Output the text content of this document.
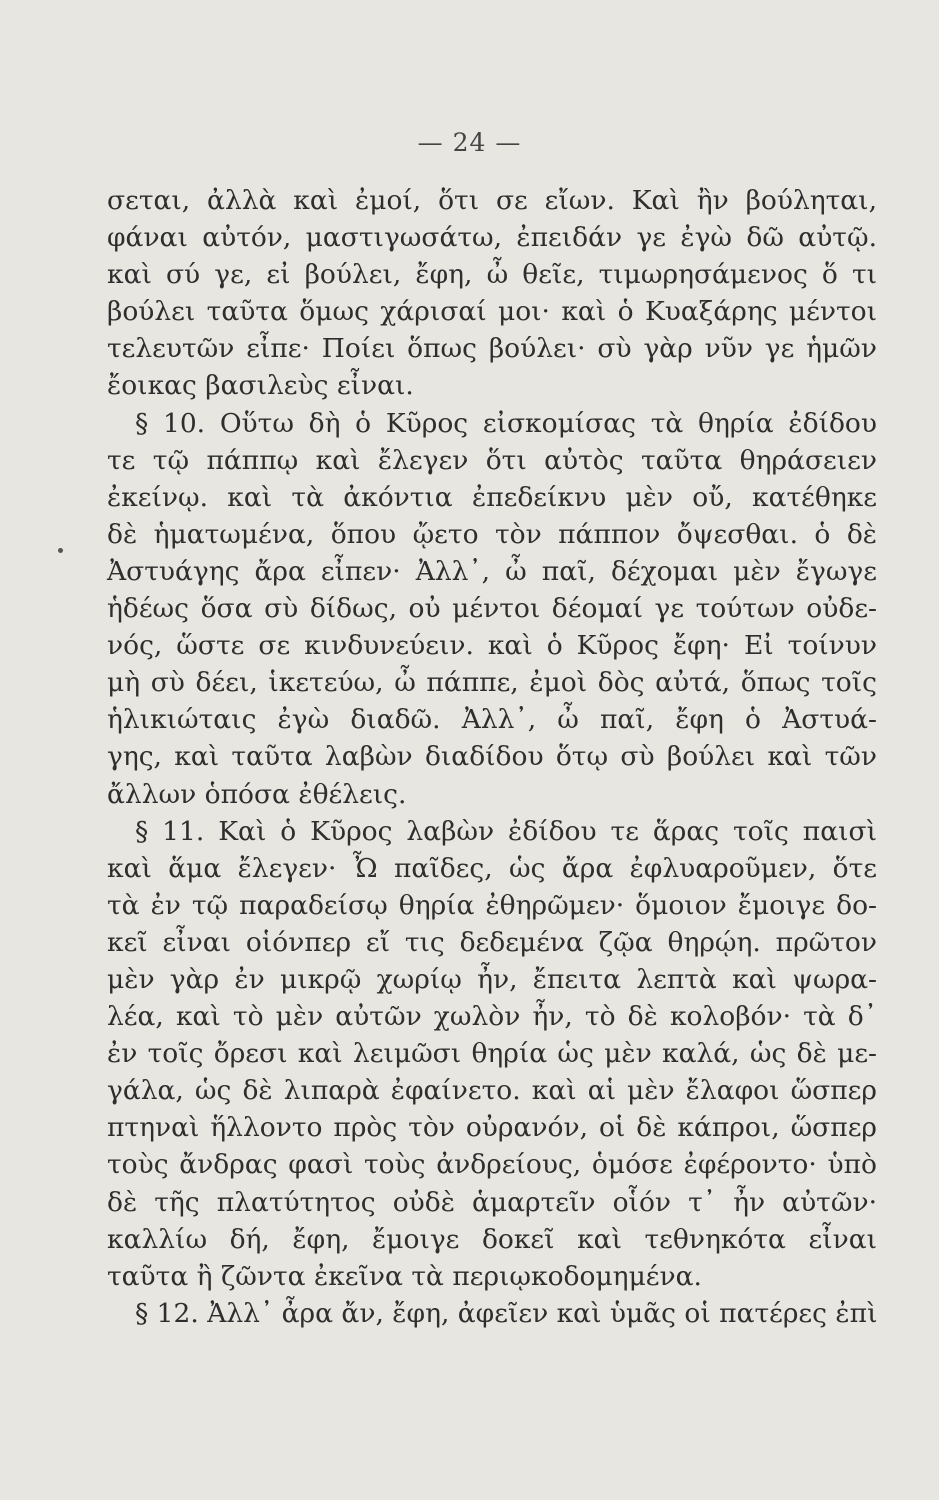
— 24 —
σεται, ἀλλὰ καὶ ἐμοί, ὅτι σε εἴων. Καὶ ἢν βούληται,
φάναι αὐτόν, μαστιγωσάτω, ἐπειδάν γε ἐγὼ δῶ αὐτῷ.
καὶ σύ γε, εἰ βούλει, ἔφη, ὦ θεῖε, τιμωρησάμενος ὅ τι
βούλει ταῦτα ὅμως χάρισαί μοι· καὶ ὁ Κυαξάρης μέντοι
τελευτῶν εἶπε· Ποίει ὅπως βούλει· σὺ γὰρ νῦν γε ἡμῶν
ἔοικας βασιλεὺς εἶναι.
§ 10. Οὕτω δὴ ὁ Κῦρος εἰσκομίσας τὰ θηρία ἐδίδου
τε τῷ πάππῳ καὶ ἔλεγεν ὅτι αὐτὸς ταῦτα θηράσειεν
ἐκείνῳ. καὶ τὰ ἀκόντια ἐπεδείκνυ μὲν οὔ, κατέθηκε
δὲ ἡματωμένα, ὅπου ᾤετο τὸν πάππον ὄψεσθαι. ὁ δὲ
Ἀστυάγης ἄρα εἶπεν· Ἀλλ᾽, ὦ παῖ, δέχομαι μὲν ἔγωγε
ἡδέως ὅσα σὺ δίδως, οὐ μέντοι δέομαί γε τούτων οὐδε-
νός, ὥστε σε κινδυνεύειν. καὶ ὁ Κῦρος ἔφη· Εἰ τοίνυν
μὴ σὺ δέει, ἱκετεύω, ὦ πάππε, ἐμοὶ δὸς αὐτά, ὅπως τοῖς
ἡλικιώταις ἐγὼ διαδῶ. Ἀλλ᾽, ὦ παῖ, ἔφη ὁ Ἀστυά-
γης, καὶ ταῦτα λαβὼν διαδίδου ὅτῳ σὺ βούλει καὶ τῶν
ἄλλων ὁπόσα ἐθέλεις.
§ 11. Καὶ ὁ Κῦρος λαβὼν ἐδίδου τε ἅρας τοῖς παισὶ
καὶ ἅμα ἔλεγεν· Ὦ παῖδες, ὡς ἄρα ἐφλυαροῦμεν, ὅτε
τὰ ἐν τῷ παραδείσῳ θηρία ἐθηρῶμεν· ὅμοιον ἔμοιγε δο-
κεῖ εἶναι οἱόνπερ εἴ τις δεδεμένα ζῷα θηρῴη. πρῶτον
μὲν γὰρ ἐν μικρῷ χωρίῳ ἦν, ἔπειτα λεπτὰ καὶ ψωρα-
λέα, καὶ τὸ μὲν αὐτῶν χωλὸν ἦν, τὸ δὲ κολοβόν· τὰ δ᾽
ἐν τοῖς ὄρεσι καὶ λειμῶσι θηρία ὡς μὲν καλά, ὡς δὲ με-
γάλα, ὡς δὲ λιπαρὰ ἐφαίνετο. καὶ αἱ μὲν ἔλαφοι ὥσπερ
πτηναὶ ἥλλοντο πρὸς τὸν οὐρανόν, οἱ δὲ κάπροι, ὥσπερ
τοὺς ἄνδρας φασὶ τοὺς ἀνδρείους, ὁμόσε ἐφέροντο· ὑπὸ
δὲ τῆς πλατύτητος οὐδὲ ἁμαρτεῖν οἷόν τ᾽ ἦν αὐτῶν·
καλλίω δή, ἔφη, ἔμοιγε δοκεῖ καὶ τεθνηκότα εἶναι
ταῦτα ἢ ζῶντα ἐκεῖνα τὰ περιῳκοδομημένα.
§ 12. Ἀλλ᾽ ἆρα ἄν, ἔφη, ἀφεῖεν καὶ ὑμᾶς οἱ πατέρες ἐπὶ
